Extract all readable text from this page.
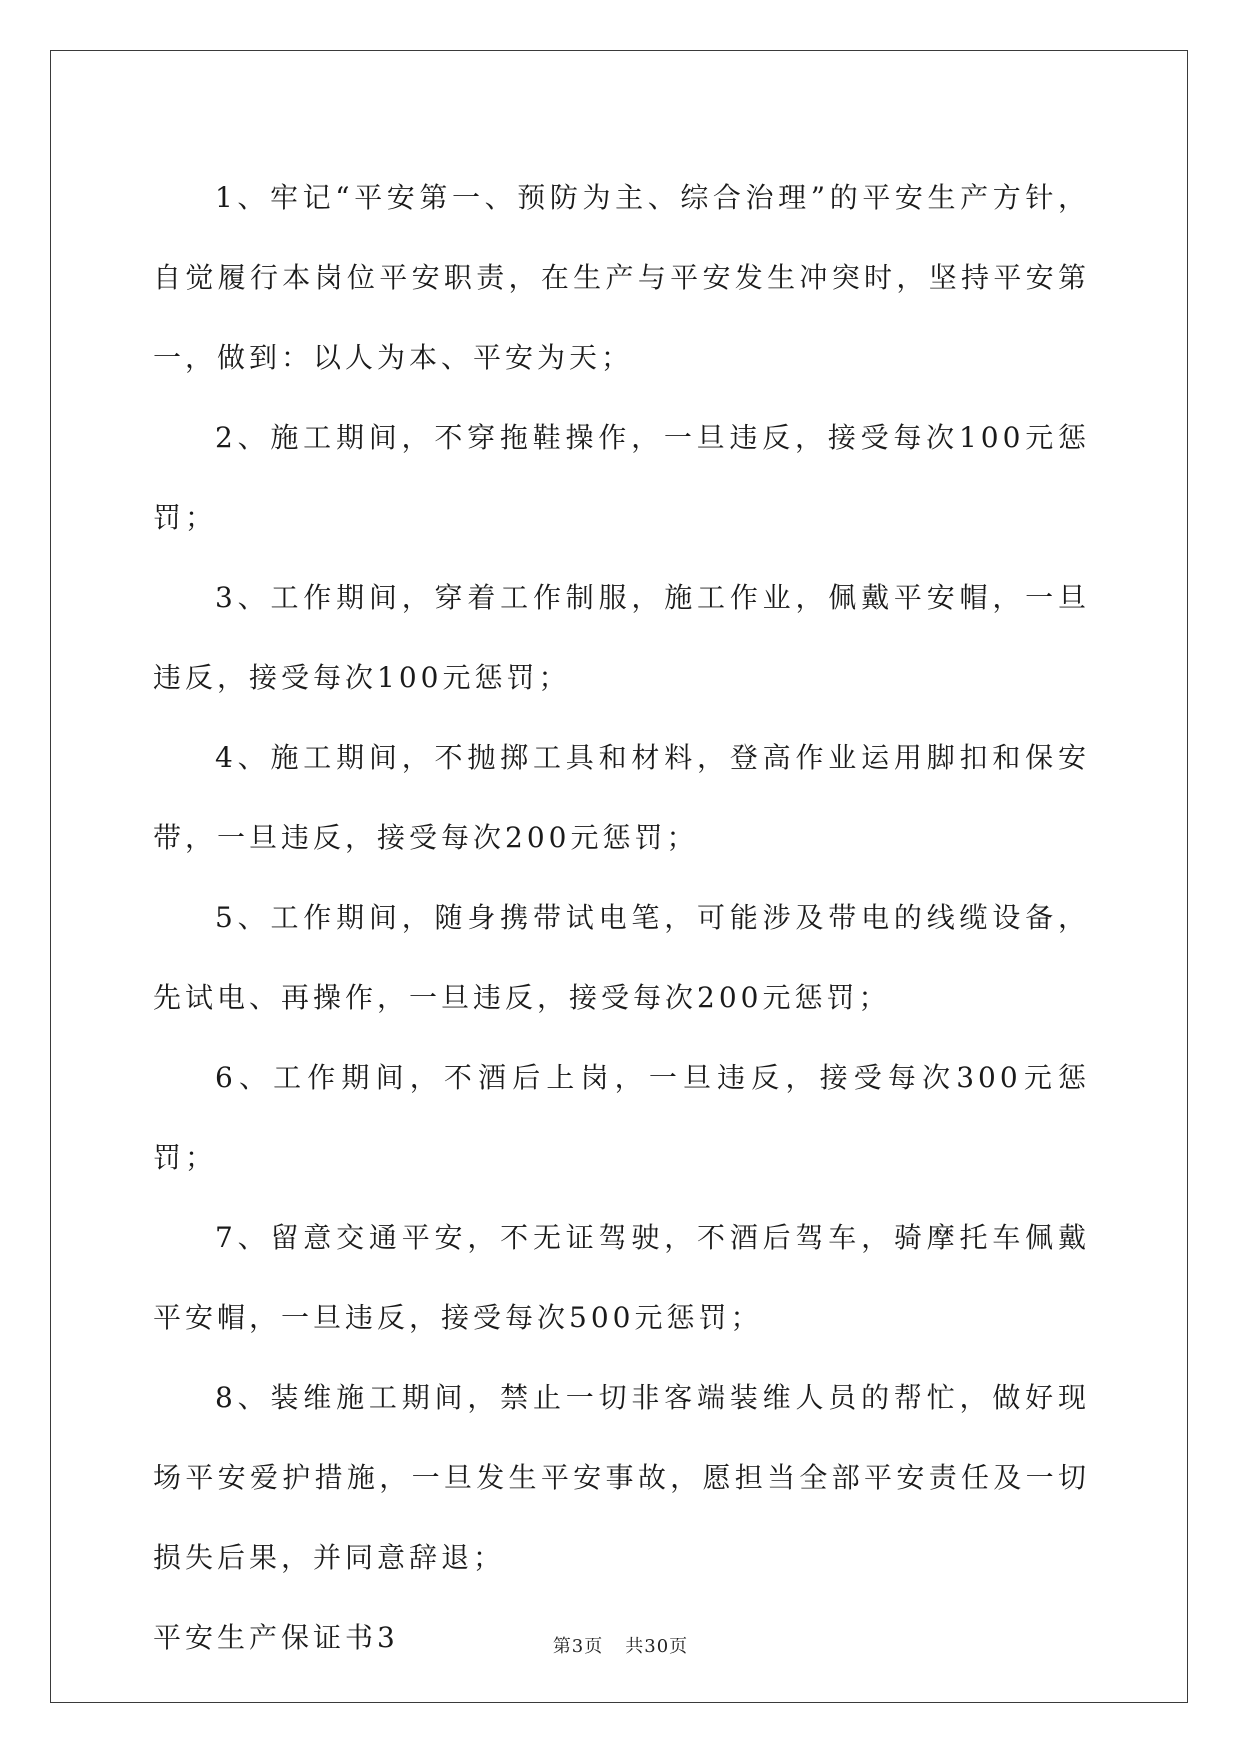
1、牢记“平安第一、预防为主、综合治理”的平安生产方针，自觉履行本岗位平安职责，在生产与平安发生冲突时，坚持平安第一，做到：以人为本、平安为天；

2、施工期间，不穿拖鞋操作，一旦违反，接受每次100元惩罚；

3、工作期间，穿着工作制服，施工作业，佩戴平安帽，一旦违反，接受每次100元惩罚；

4、施工期间，不抛掷工具和材料，登高作业运用脚扣和保安带，一旦违反，接受每次200元惩罚；

5、工作期间，随身携带试电笔，可能涉及带电的线缆设备，先试电、再操作，一旦违反，接受每次200元惩罚；

6、工作期间，不酒后上岗，一旦违反，接受每次300元惩罚；

7、留意交通平安，不无证驾驶，不酒后驾车，骑摩托车佩戴平安帽，一旦违反，接受每次500元惩罚；

8、装维施工期间，禁止一切非客端装维人员的帮忙，做好现场平安爱护措施，一旦发生平安事故，愿担当全部平安责任及一切损失后果，并同意辞退；

平安生产保证书3	第3页 共30页
